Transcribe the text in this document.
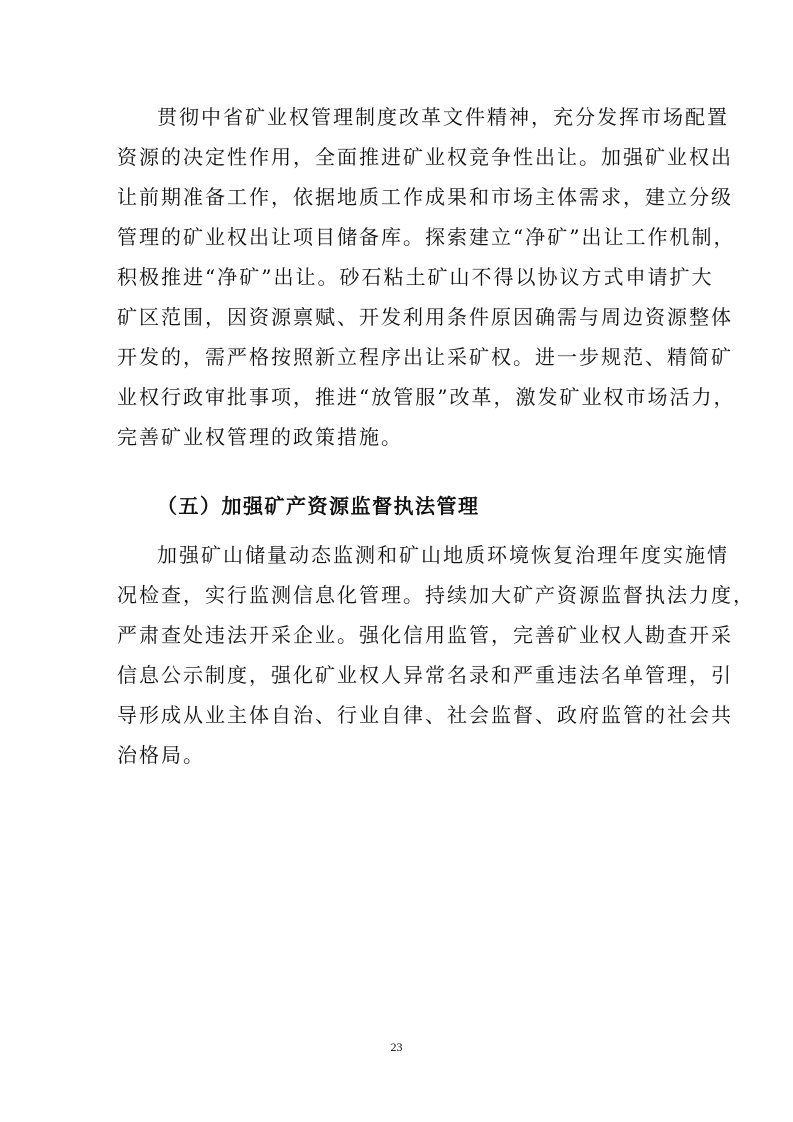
贯彻中省矿业权管理制度改革文件精神，充分发挥市场配置
资源的决定性作用，全面推进矿业权竞争性出让。加强矿业权出
让前期准备工作，依据地质工作成果和市场主体需求，建立分级
管理的矿业权出让项目储备库。探索建立“净矿”出让工作机制，
积极推进“净矿”出让。砂石粘土矿山不得以协议方式申请扩大
矿区范围，因资源禀赋、开发利用条件原因确需与周边资源整体
开发的，需严格按照新立程序出让采矿权。进一步规范、精简矿
业权行政审批事项，推进“放管服”改革，激发矿业权市场活力，
完善矿业权管理的政策措施。
（五）加强矿产资源监督执法管理
加强矿山储量动态监测和矿山地质环境恢复治理年度实施情
况检查，实行监测信息化管理。持续加大矿产资源监督执法力度，
严肃查处违法开采企业。强化信用监管，完善矿业权人勘查开采
信息公示制度，强化矿业权人异常名录和严重违法名单管理，引
导形成从业主体自治、行业自律、社会监督、政府监管的社会共
治格局。
23
